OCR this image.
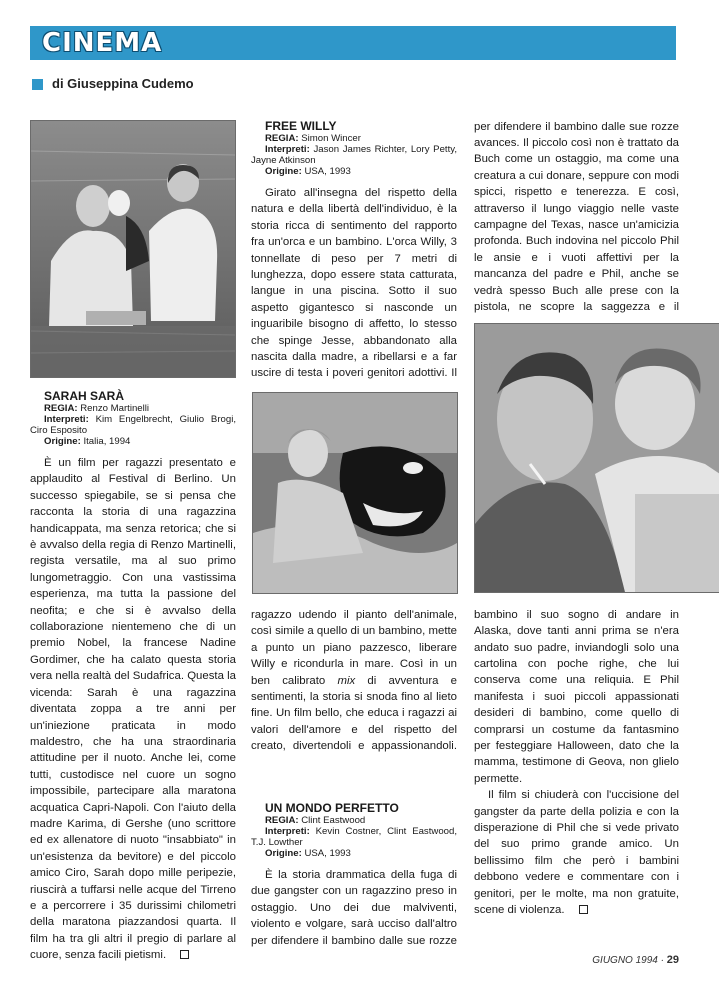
CINEMA
di Giuseppina Cudemo

SARAH SARÀ

REGIA: Renzo Martinelli

Interpreti: Kim Engelbrecht, Giulio Brogi, Ciro Esposito

Origine: Italia, 1994

È un film per ragazzi presentato e applaudito al Festival di Berlino. Un successo spiegabile, se si pensa che racconta la storia di una ragazzina handicappata, ma senza retorica; che si è avvalso della regia di Renzo Martinelli, regista versatile, ma al suo primo lungometraggio. Con una vastissima esperienza, ma tutta la passione del neofita; e che si è avvalso della collaborazione nientemeno che di un premio Nobel, la francese Nadine Gordimer, che ha calato questa storia vera nella realtà del Sudafrica. Questa la vicenda: Sarah è una ragazzina diventata zoppa a tre anni per un'iniezione praticata in modo maldestro, che ha una straordinaria attitudine per il nuoto. Anche lei, come tutti, custodisce nel cuore un sogno impossibile, partecipare alla maratona acquatica Capri-Napoli. Con l'aiuto della madre Karima, di Gershe (uno scrittore ed ex allenatore di nuoto "insabbiato" in un'esistenza da bevitore) e del piccolo amico Ciro, Sarah dopo mille peripezie, riuscirà a tuffarsi nelle acque del Tirreno e a percorrere i 35 durissimi chilometri della maratona piazzandosi quarta. Il film ha tra gli altri il pregio di parlare al cuore, senza facili pietismi.

FREE WILLY

REGIA: Simon Wincer

Interpreti: Jason James Richter, Lory Petty, Jayne Atkinson

Origine: USA, 1993

Girato all'insegna del rispetto della natura e della libertà dell'individuo, è la storia ricca di sentimento del rapporto fra un'orca e un bambino. L'orca Willy, 3 tonnellate di peso per 7 metri di lunghezza, dopo essere stata catturata, langue in una piscina. Sotto il suo aspetto gigantesco si nasconde un inguaribile bisogno di affetto, lo stesso che spinge Jesse, abbandonato alla nascita dalla madre, a ribellarsi e a far uscire di testa i poveri genitori adottivi. Il

ragazzo udendo il pianto dell'animale, così simile a quello di un bambino, mette a punto un piano pazzesco, liberare Willy e ricondurla in mare. Così in un ben calibrato mix di avventura e sentimenti, la storia si snoda fino al lieto fine. Un film bello, che educa i ragazzi ai valori dell'amore e del rispetto del creato, divertendoli e appassionandoli.

UN MONDO PERFETTO

REGIA: Clint Eastwood

Interpreti: Kevin Costner, Clint Eastwood, T.J. Lowther

Origine: USA, 1993

È la storia drammatica della fuga di due gangster con un ragazzino preso in ostaggio. Uno dei due malviventi, violento e volgare, sarà ucciso dall'altro per difendere il bambino dalle sue rozze

per difendere il bambino dalle sue rozze avances. Il piccolo così non è trattato da Buch come un ostaggio, ma come una creatura a cui donare, seppure con modi spicci, rispetto e tenerezza. E così, attraverso il lungo viaggio nelle vaste campagne del Texas, nasce un'amicizia profonda. Buch indovina nel piccolo Phil le ansie e i vuoti affettivi per la mancanza del padre e Phil, anche se vedrà spesso Buch alle prese con la pistola, ne scopre la saggezza e il

bambino il suo sogno di andare in Alaska, dove tanti anni prima se n'era andato suo padre, inviandogli solo una cartolina con poche righe, che lui conserva come una reliquia. E Phil manifesta i suoi piccoli appassionati desideri di bambino, come quello di comprarsi un costume da fantasmino per festeggiare Halloween, dato che la mamma, testimone di Geova, non glielo permette.

Il film si chiuderà con l'uccisione del gangster da parte della polizia e con la disperazione di Phil che si vede privato del suo primo grande amico. Un bellissimo film che però i bambini debbono vedere e commentare con i genitori, per le molte, ma non gratuite, scene di violenza.

GIUGNO 1994 · 29
